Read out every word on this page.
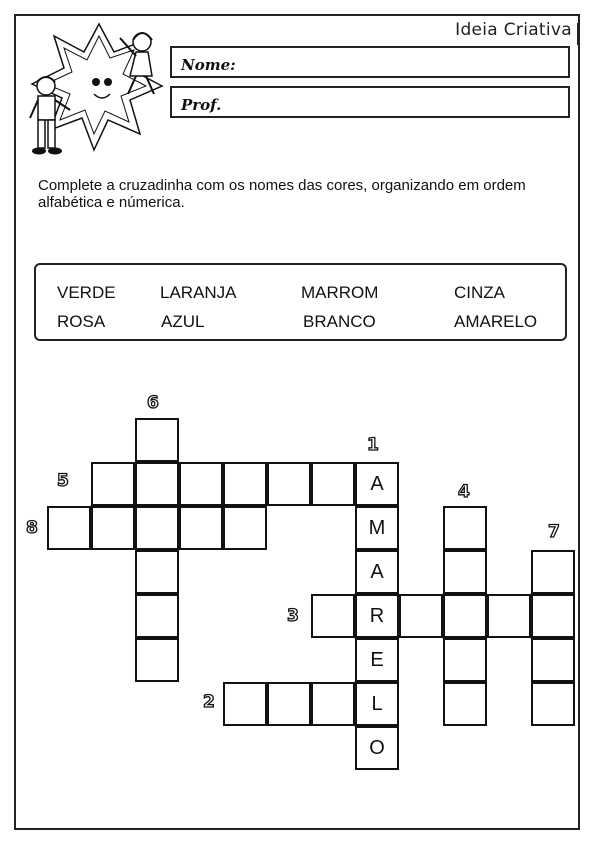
Ideia Criativa
Nome:
Prof.
Complete a cruzadinha com os nomes das cores, organizando em ordem alfabética e númerica.
VERDE	LARANJA	MARROM	CINZA
ROSA	AZUL	BRANCO	AMARELO
A
M
A
R
E
L
O
1
2
3
4
5
6
7
8
